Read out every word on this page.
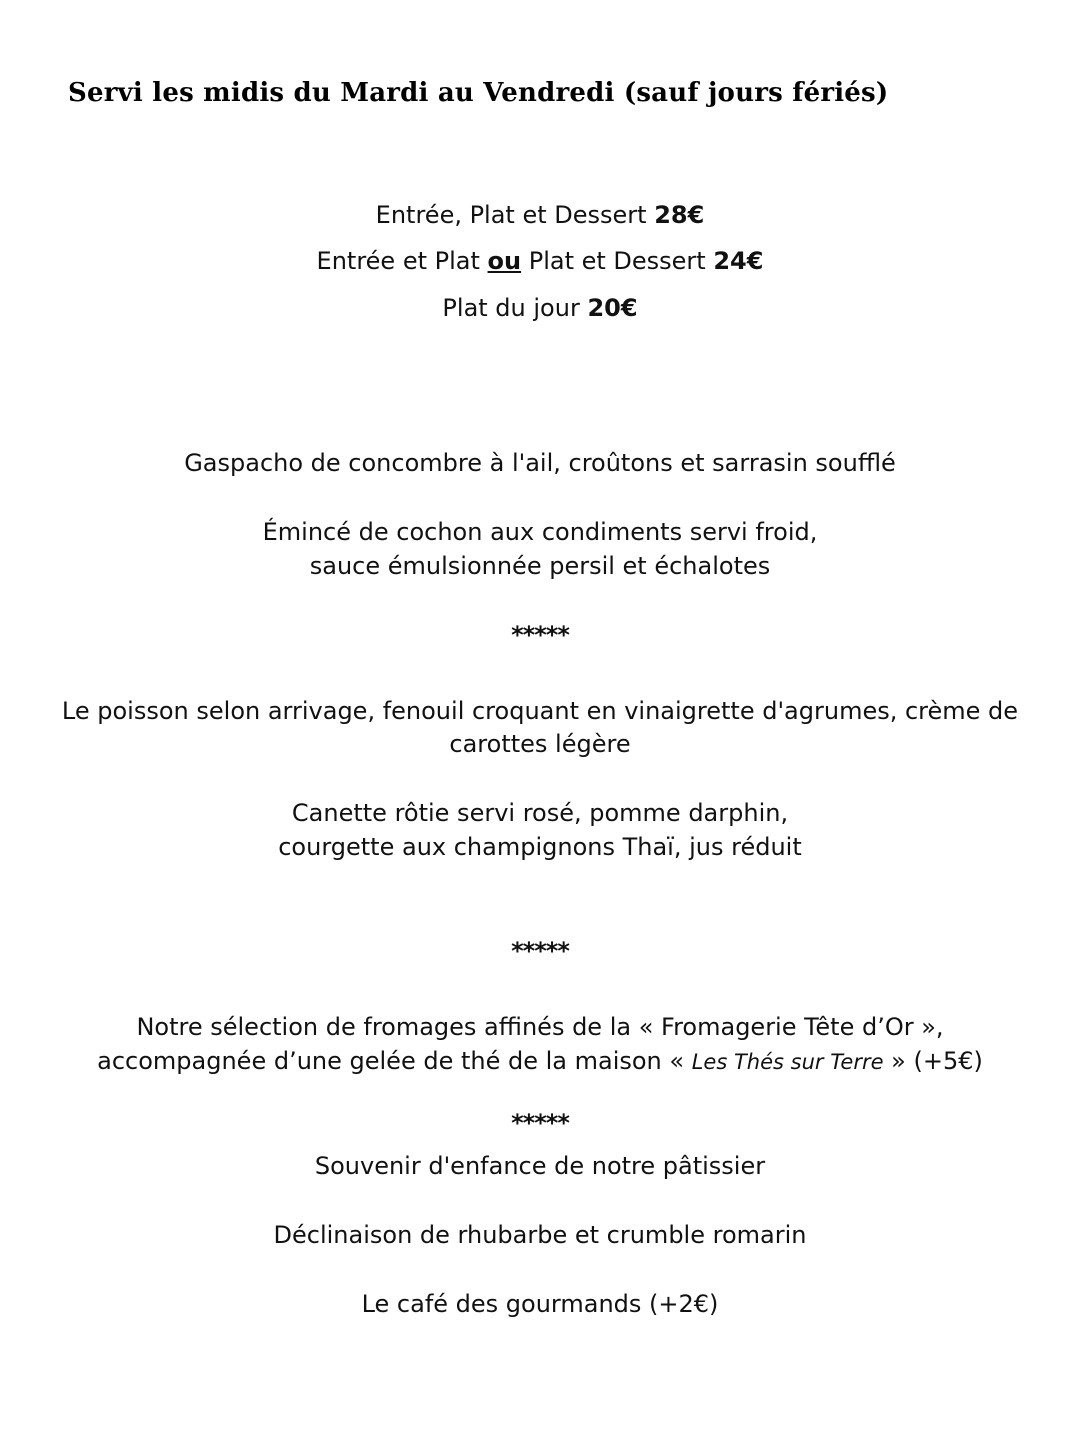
Servi les midis du Mardi au Vendredi (sauf jours fériés)
Entrée, Plat et Dessert 28€
Entrée et Plat ou Plat et Dessert 24€
Plat du jour 20€
Gaspacho de concombre à l'ail, croûtons et sarrasin soufflé
Émincé de cochon aux condiments servi froid,
sauce émulsionnée persil et échalotes
*****
Le poisson selon arrivage, fenouil croquant en vinaigrette d'agrumes, crème de
carottes légère
Canette rôtie servi rosé, pomme darphin,
courgette aux champignons Thaï, jus réduit
*****
Notre sélection de fromages affinés de la « Fromagerie Tête d’Or »,
accompagnée d’une gelée de thé de la maison « Les Thés sur Terre » (+5€)
*****
Souvenir d'enfance de notre pâtissier
Déclinaison de rhubarbe et crumble romarin
Le café des gourmands (+2€)
